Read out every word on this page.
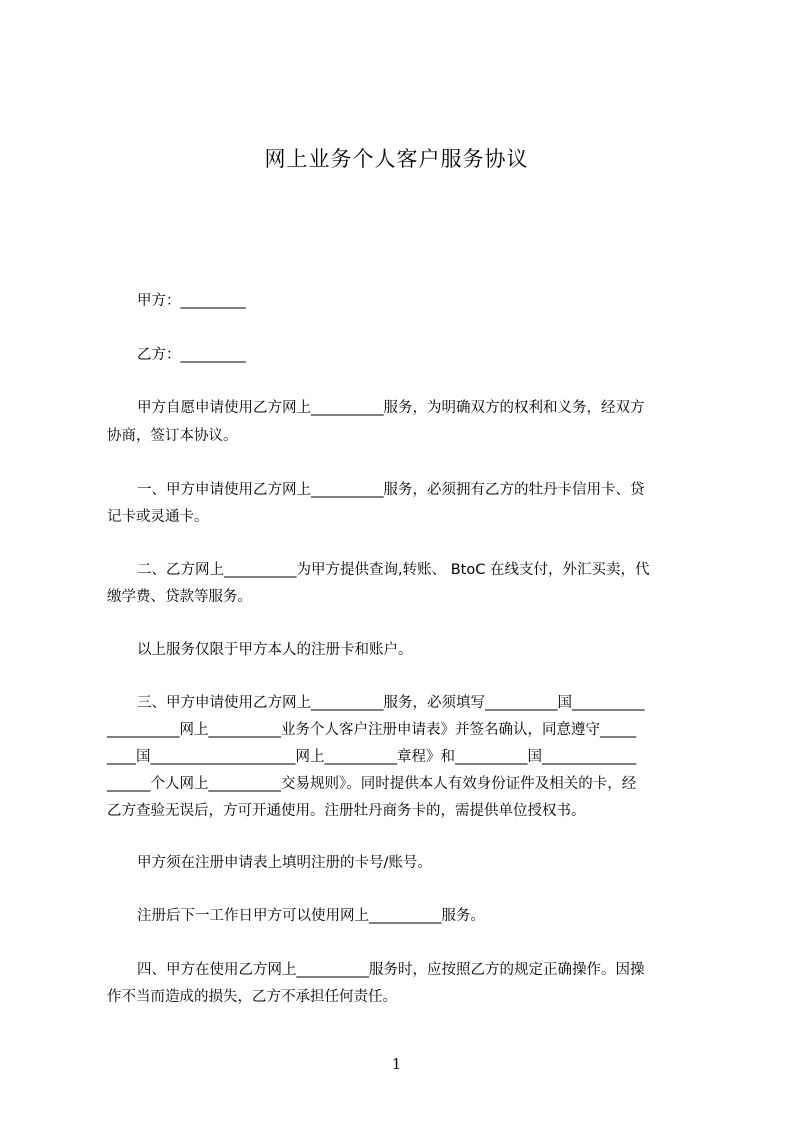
网上业务个人客户服务协议
甲方：_________
乙方：_________
甲方自愿申请使用乙方网上__________服务，为明确双方的权利和义务，经双方
协商，签订本协议。
一、甲方申请使用乙方网上__________服务，必须拥有乙方的牡丹卡信用卡、贷
记卡或灵通卡。
二、乙方网上__________为甲方提供查询,转账、 BtoC 在线支付，外汇买卖，代
缴学费、贷款等服务。
以上服务仅限于甲方本人的注册卡和账户。
三、甲方申请使用乙方网上__________服务，必须填写__________国__________
__________网上__________业务个人客户注册申请表》并签名确认，同意遵守_____
____国____________________网上__________章程》和__________国_____________
______个人网上__________交易规则》。同时提供本人有效身份证件及相关的卡，经
乙方查验无误后，方可开通使用。注册牡丹商务卡的，需提供单位授权书。
甲方须在注册申请表上填明注册的卡号/账号。
注册后下一工作日甲方可以使用网上__________服务。
四、甲方在使用乙方网上__________服务时，应按照乙方的规定正确操作。因操
作不当而造成的损失，乙方不承担任何责任。
1
